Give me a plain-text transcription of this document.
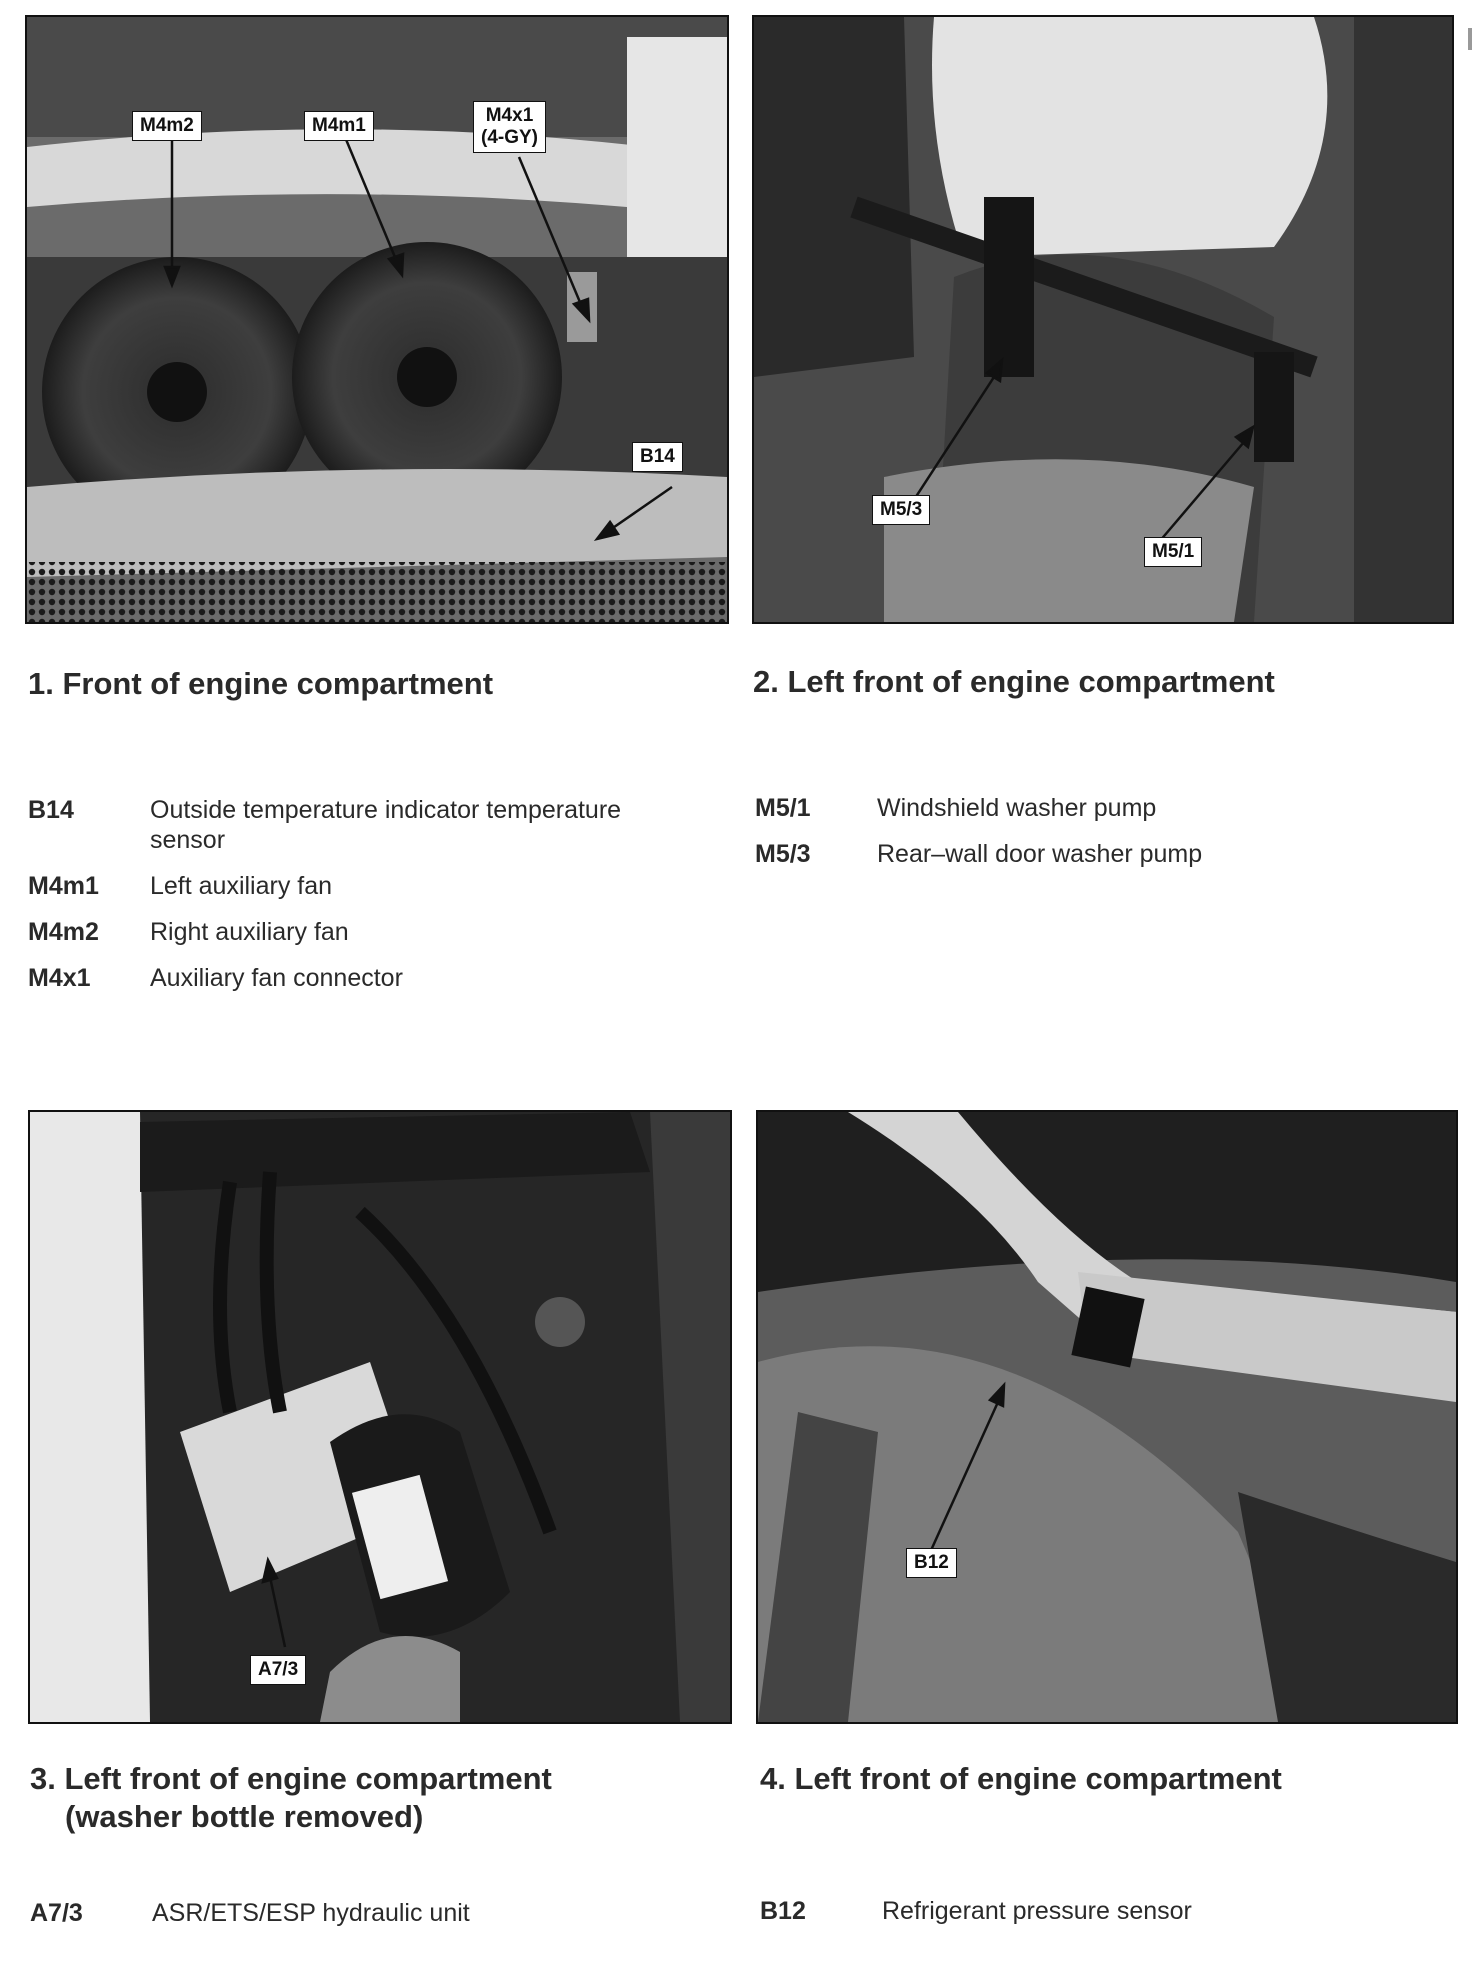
M4m2	M4m1	M4x1
(4-GY)
B14
1. Front of engine compartment
B14	Outside temperature indicator temperature sensor
M4m1 Left auxiliary fan
M4m2 Right auxiliary fan
M4x1 Auxiliary fan connector
M5/3
M5/1
2. Left front of engine compartment
M5/1	Windshield washer pump
M5/3	Rear–wall door washer pump
A7/3
3. Left front of engine compartment
(washer bottle removed)
A7/3	ASR/ETS/ESP hydraulic unit
B12
4. Left front of engine compartment
B12	Refrigerant pressure sensor
